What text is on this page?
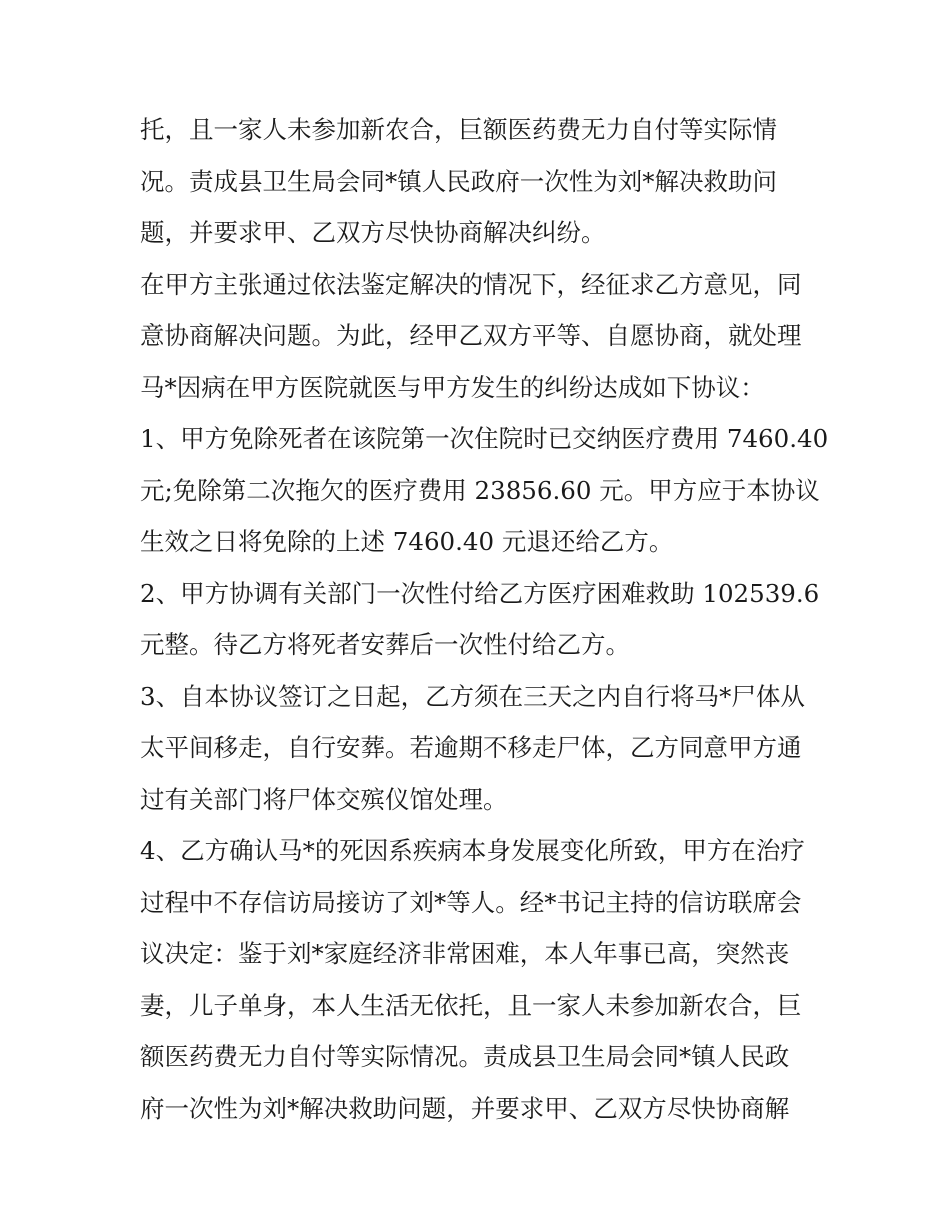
托，且一家人未参加新农合，巨额医药费无力自付等实际情
况。责成县卫生局会同*镇人民政府一次性为刘*解决救助问
题，并要求甲、乙双方尽快协商解决纠纷。
在甲方主张通过依法鉴定解决的情况下，经征求乙方意见，同
意协商解决问题。为此，经甲乙双方平等、自愿协商，就处理
马*因病在甲方医院就医与甲方发生的纠纷达成如下协议：
1、甲方免除死者在该院第一次住院时已交纳医疗费用 7460.40
元;免除第二次拖欠的医疗费用 23856.60 元。甲方应于本协议
生效之日将免除的上述 7460.40 元退还给乙方。
2、甲方协调有关部门一次性付给乙方医疗困难救助 102539.6
元整。待乙方将死者安葬后一次性付给乙方。
3、自本协议签订之日起，乙方须在三天之内自行将马*尸体从
太平间移走，自行安葬。若逾期不移走尸体，乙方同意甲方通
过有关部门将尸体交殡仪馆处理。
4、乙方确认马*的死因系疾病本身发展变化所致，甲方在治疗
过程中不存信访局接访了刘*等人。经*书记主持的信访联席会
议决定：鉴于刘*家庭经济非常困难，本人年事已高，突然丧
妻，儿子单身，本人生活无依托，且一家人未参加新农合，巨
额医药费无力自付等实际情况。责成县卫生局会同*镇人民政
府一次性为刘*解决救助问题，并要求甲、乙双方尽快协商解
